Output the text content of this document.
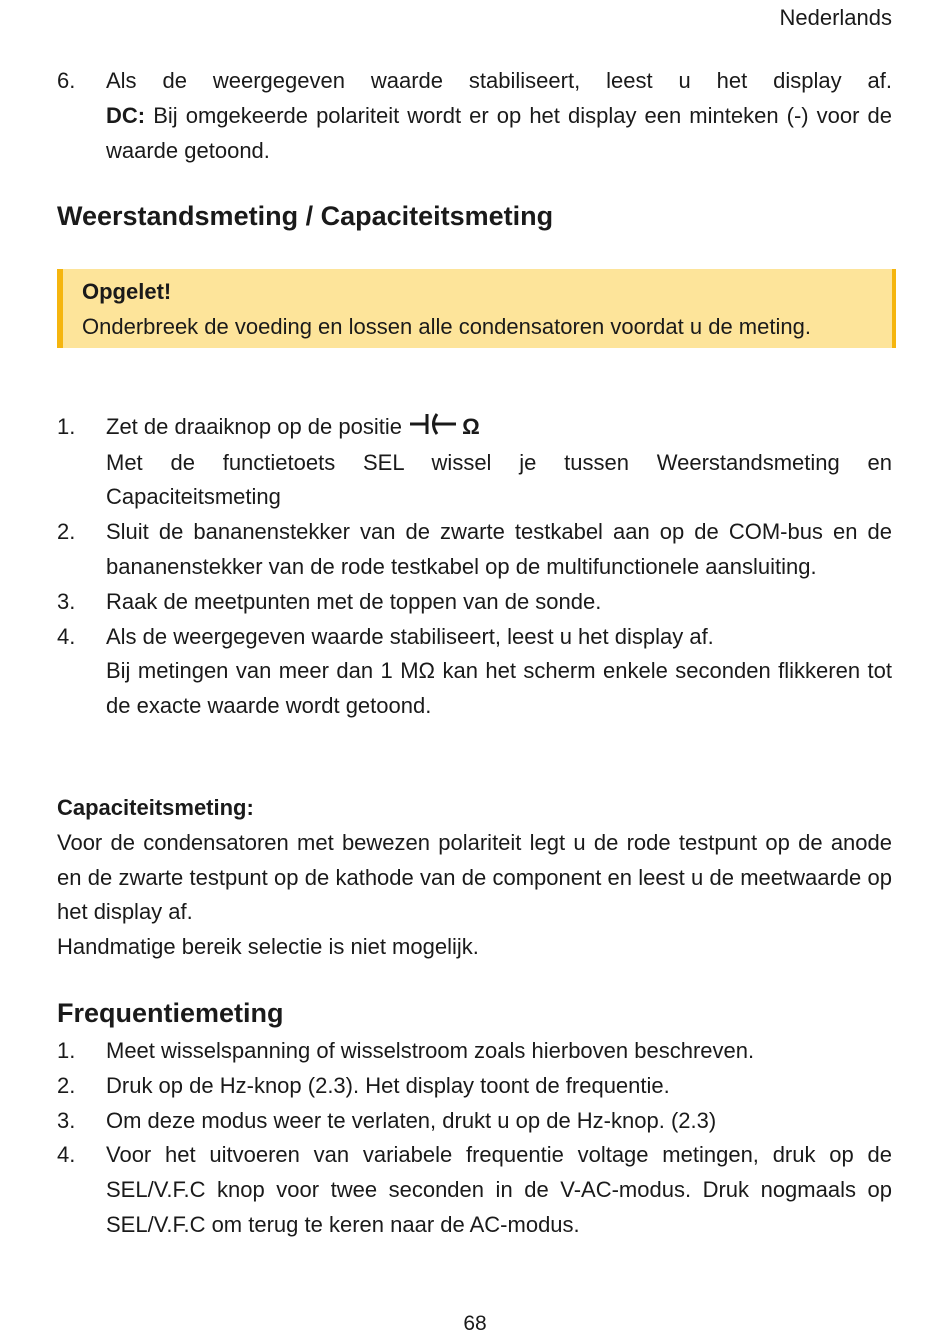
Nederlands
6. Als de weergegeven waarde stabiliseert, leest u het display af.

DC: Bij omgekeerde polariteit wordt er op het display een minteken (-) voor de waarde getoond.

Weerstandsmeting / Capaciteitsmeting
Opgelet!

Onderbreek de voeding en lossen alle condensatoren voordat u de meting.

1. Zet de draaiknop op de positie	Ω

Met de functietoets SEL wissel je tussen Weerstandsmeting en Capaciteitsmeting

2. Sluit de bananenstekker van de zwarte testkabel aan op de COM-bus en de bananenstekker van de rode testkabel op de multifunctionele aansluiting.

3. Raak de meetpunten met de toppen van de sonde.

4. Als de weergegeven waarde stabiliseert, leest u het display af.

Bij metingen van meer dan 1 MΩ kan het scherm enkele seconden flikkeren tot de exacte waarde wordt getoond.

Capaciteitsmeting:

Voor de condensatoren met bewezen polariteit legt u de rode testpunt op de anode en de zwarte testpunt op de kathode van de component en leest u de meetwaarde op het display af.

Handmatige bereik selectie is niet mogelijk.

Frequentiemeting
1. Meet wisselspanning of wisselstroom zoals hierboven beschreven.

2. Druk op de Hz-knop (2.3). Het display toont de frequentie.

3. Om deze modus weer te verlaten, drukt u op de Hz-knop. (2.3)

4. Voor het uitvoeren van variabele frequentie voltage metingen, druk op de SEL/V.F.C knop voor twee seconden in de V-AC-modus. Druk nogmaals op SEL/V.F.C om terug te keren naar de AC-modus.

68
